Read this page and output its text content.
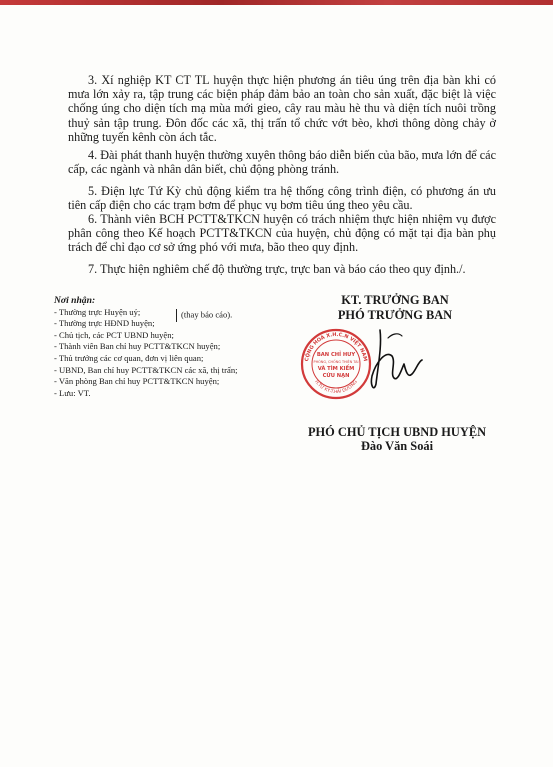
3. Xí nghiệp KT CT TL huyện thực hiện phương án tiêu úng trên địa bàn khi có mưa lớn xảy ra, tập trung các biện pháp đảm bảo an toàn cho sản xuất, đặc biệt là việc chống úng cho diện tích mạ mùa mới gieo, cây rau màu hè thu và diện tích nuôi trồng thuỷ sản tập trung. Đôn đốc các xã, thị trấn tổ chức vớt bèo, khơi thông dòng chảy ở những tuyến kênh còn ách tắc.
4. Đài phát thanh huyện thường xuyên thông báo diễn biến của bão, mưa lớn để các cấp, các ngành và nhân dân biết, chủ động phòng tránh.
5. Điện lực Tứ Kỳ chủ động kiểm tra hệ thống công trình điện, có phương án ưu tiên cấp điện cho các trạm bơm để phục vụ bơm tiêu úng theo yêu cầu.
6. Thành viên BCH PCTT&TKCN huyện có trách nhiệm thực hiện nhiệm vụ được phân công theo Kế hoạch PCTT&TKCN của huyện, chủ động có mặt tại địa bàn phụ trách để chỉ đạo cơ sở ứng phó với mưa, bão theo quy định.
7. Thực hiện nghiêm chế độ thường trực, trực ban và báo cáo theo quy định./.
Nơi nhận:
- Thường trực Huyện uỷ;
- Thường trực HĐND huyện;
- Chủ tịch, các PCT UBND huyện;
- Thành viên Ban chỉ huy PCTT&TKCN huyện;
- Thủ trưởng các cơ quan, đơn vị liên quan;
- UBND, Ban chỉ huy PCTT&TKCN các xã, thị trấn;
- Văn phòng Ban chỉ huy PCTT&TKCN huyện;
- Lưu: VT.
(thay báo cáo).
KT. TRƯỞNG BAN
PHÓ TRƯỞNG BAN
CỘNG HOÀ X.H.C.N VIỆT NAM
H.TỨ KỲ-T.HẢI DƯƠNG
BAN CHỈ HUY
PHÒNG, CHỐNG THIÊN TAI
VÀ TÌM KIẾM
CỨU NẠN
PHÓ CHỦ TỊCH UBND HUYỆN
Đào Văn Soái
